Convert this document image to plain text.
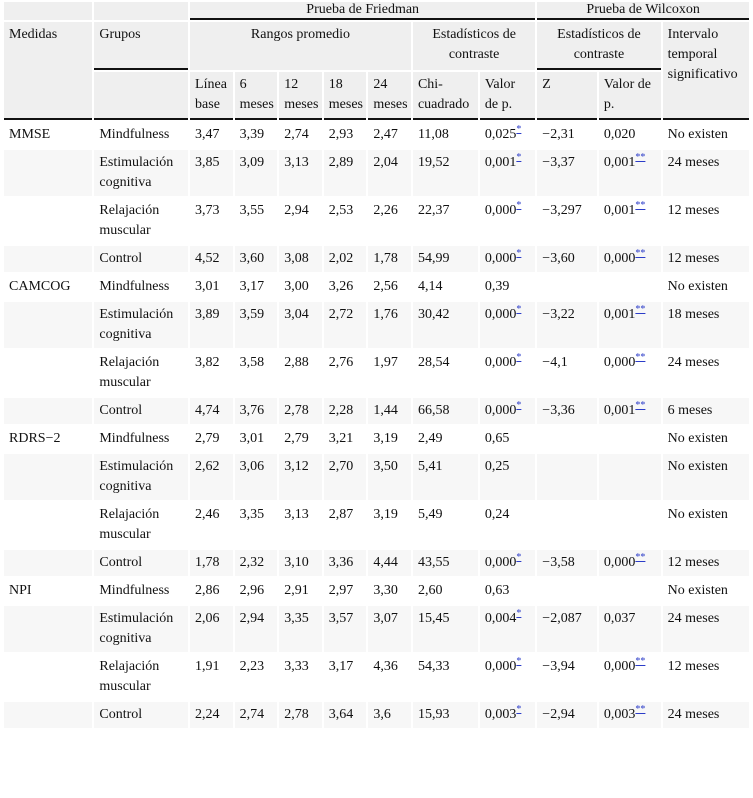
		Prueba de Friedman							Prueba de Wilcoxon		
Medidas	Grupos	Rangos promedio					Estadísticos de contraste		Estadísticos de contraste		Intervalo temporal significativo
		Línea base	6 meses	12 meses	18 meses	24 meses	Chi-cuadrado	Valor de p.	Z	Valor de p.	
MMSE	Mindfulness	3,47	3,39	2,74	2,93	2,47	11,08	0,025*	−2,31	0,020	No existen
	Estimulación cognitiva	3,85	3,09	3,13	2,89	2,04	19,52	0,001*	−3,37	0,001**	24 meses
	Relajación muscular	3,73	3,55	2,94	2,53	2,26	22,37	0,000*	−3,297	0,001**	12 meses
	Control	4,52	3,60	3,08	2,02	1,78	54,99	0,000*	−3,60	0,000**	12 meses
CAMCOG	Mindfulness	3,01	3,17	3,00	3,26	2,56	4,14	0,39			No existen
	Estimulación cognitiva	3,89	3,59	3,04	2,72	1,76	30,42	0,000*	−3,22	0,001**	18 meses
	Relajación muscular	3,82	3,58	2,88	2,76	1,97	28,54	0,000*	−4,1	0,000**	24 meses
	Control	4,74	3,76	2,78	2,28	1,44	66,58	0,000*	−3,36	0,001**	6 meses
RDRS−2	Mindfulness	2,79	3,01	2,79	3,21	3,19	2,49	0,65			No existen
	Estimulación cognitiva	2,62	3,06	3,12	2,70	3,50	5,41	0,25			No existen
	Relajación muscular	2,46	3,35	3,13	2,87	3,19	5,49	0,24			No existen
	Control	1,78	2,32	3,10	3,36	4,44	43,55	0,000*	−3,58	0,000**	12 meses
NPI	Mindfulness	2,86	2,96	2,91	2,97	3,30	2,60	0,63			No existen
	Estimulación cognitiva	2,06	2,94	3,35	3,57	3,07	15,45	0,004*	−2,087	0,037	24 meses
	Relajación muscular	1,91	2,23	3,33	3,17	4,36	54,33	0,000*	−3,94	0,000**	12 meses
	Control	2,24	2,74	2,78	3,64	3,6	15,93	0,003*	−2,94	0,003**	24 meses
